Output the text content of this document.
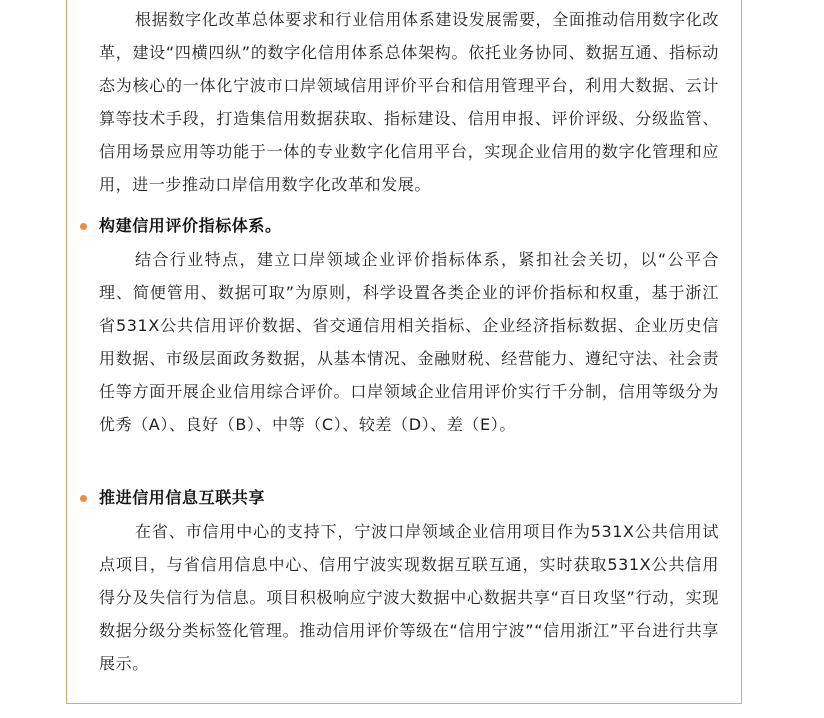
根据数字化改革总体要求和行业信用体系建设发展需要，全面推动信用数字化改革，建设“四横四纵”的数字化信用体系总体架构。依托业务协同、数据互通、指标动态为核心的一体化宁波市口岸领域信用评价平台和信用管理平台，利用大数据、云计算等技术手段，打造集信用数据获取、指标建设、信用申报、评价评级、分级监管、信用场景应用等功能于一体的专业数字化信用平台，实现企业信用的数字化管理和应用，进一步推动口岸信用数字化改革和发展。

构建信用评价指标体系。

结合行业特点，建立口岸领域企业评价指标体系，紧扣社会关切，以“公平合理、简便管用、数据可取”为原则，科学设置各类企业的评价指标和权重，基于浙江省531X公共信用评价数据、省交通信用相关指标、企业经济指标数据、企业历史信用数据、市级层面政务数据，从基本情况、金融财税、经营能力、遵纪守法、社会责任等方面开展企业信用综合评价。口岸领域企业信用评价实行千分制，信用等级分为优秀（A）、良好（B）、中等（C）、较差（D）、差（E）。

推进信用信息互联共享

在省、市信用中心的支持下，宁波口岸领域企业信用项目作为531X公共信用试点项目，与省信用信息中心、信用宁波实现数据互联互通，实时获取531X公共信用得分及失信行为信息。项目积极响应宁波大数据中心数据共享“百日攻坚”行动，实现数据分级分类标签化管理。推动信用评价等级在“信用宁波”“信用浙江”平台进行共享展示。
